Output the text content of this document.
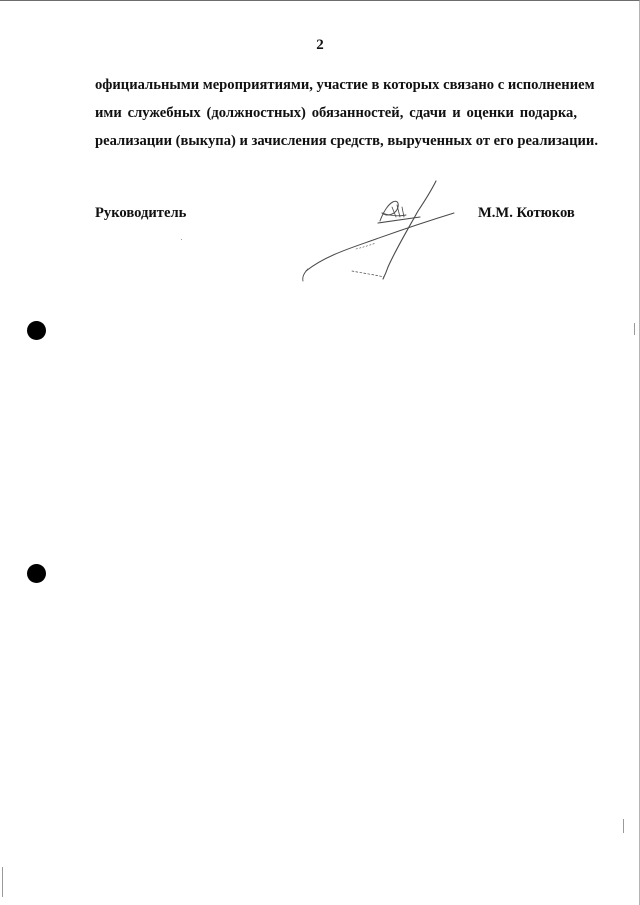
2

официальными мероприятиями, участие в которых связано с исполнением
ими служебных (должностных) обязанностей, сдачи и оценки подарка,
реализации (выкупа) и зачисления средств, вырученных от его реализации.

Руководитель	М.М. Котюков
